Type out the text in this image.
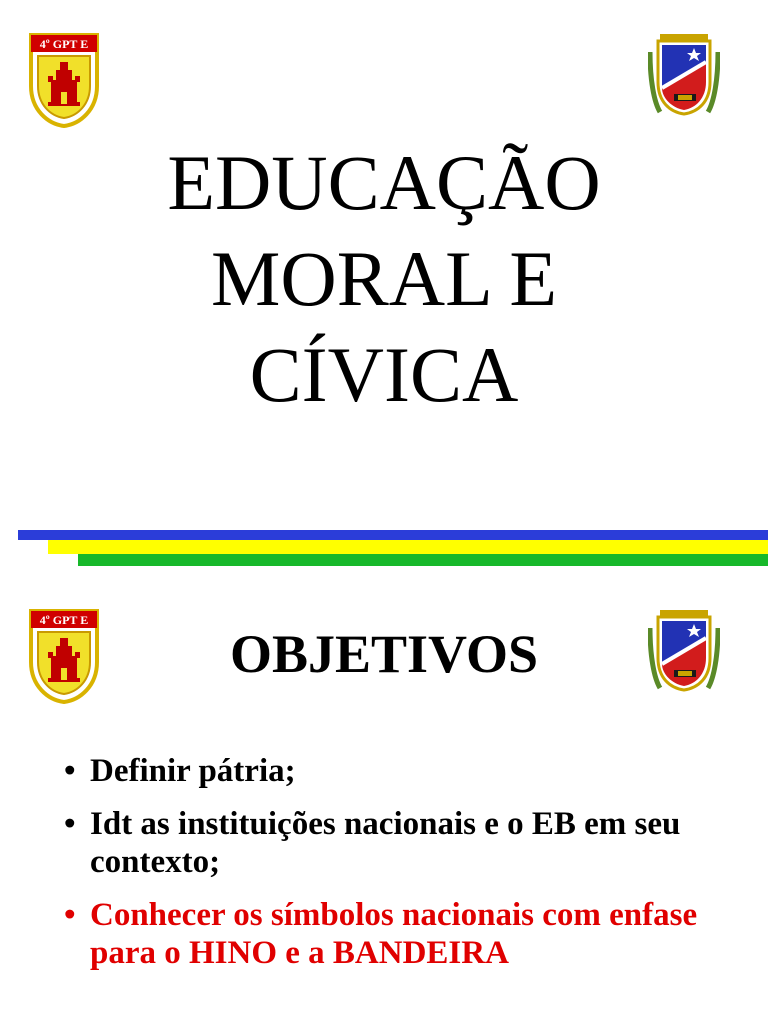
4º GPT E
EDUCAÇÃO
MORAL E
CÍVICA
4º GPT E
OBJETIVOS
• Definir pátria;
• Idt as instituições nacionais e o EB em seu contexto;
• Conhecer os símbolos nacionais com enfase para o HINO e a BANDEIRA
